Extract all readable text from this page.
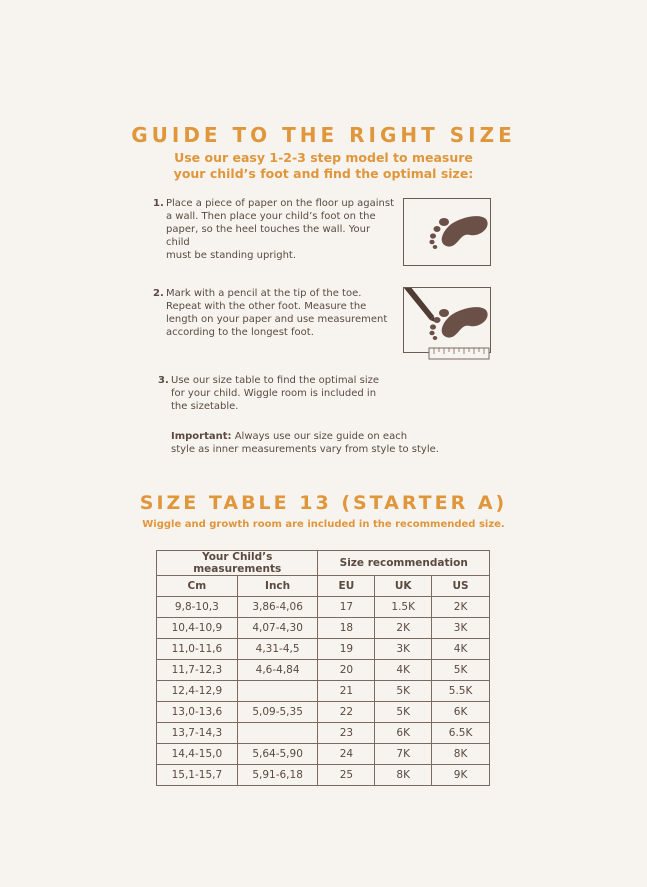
GUIDE TO THE RIGHT SIZE
Use our easy 1-2-3 step model to measure
your child’s foot and find the optimal size:
1. Place a piece of paper on the floor up against
a wall. Then place your child’s foot on the
paper, so the heel touches the wall. Your child
must be standing upright.
2. Mark with a pencil at the tip of the toe.
Repeat with the other foot. Measure the
length on your paper and use measurement
according to the longest foot.
3. Use our size table to find the optimal size
for your child. Wiggle room is included in
the sizetable.
Important: Always use our size guide on each
style as inner measurements vary from style to style.
SIZE TABLE 13 (STARTER A)
Wiggle and growth room are included in the recommended size.
Your Child’s measurements		Size recommendation		
Cm	Inch	EU	UK	US
9,8-10,3	3,86-4,06	17	1.5K	2K
10,4-10,9	4,07-4,30	18	2K	3K
11,0-11,6	4,31-4,5	19	3K	4K
11,7-12,3	4,6-4,84	20	4K	5K
12,4-12,9		21	5K	5.5K
13,0-13,6	5,09-5,35	22	5K	6K
13,7-14,3		23	6K	6.5K
14,4-15,0	5,64-5,90	24	7K	8K
15,1-15,7	5,91-6,18	25	8K	9K
